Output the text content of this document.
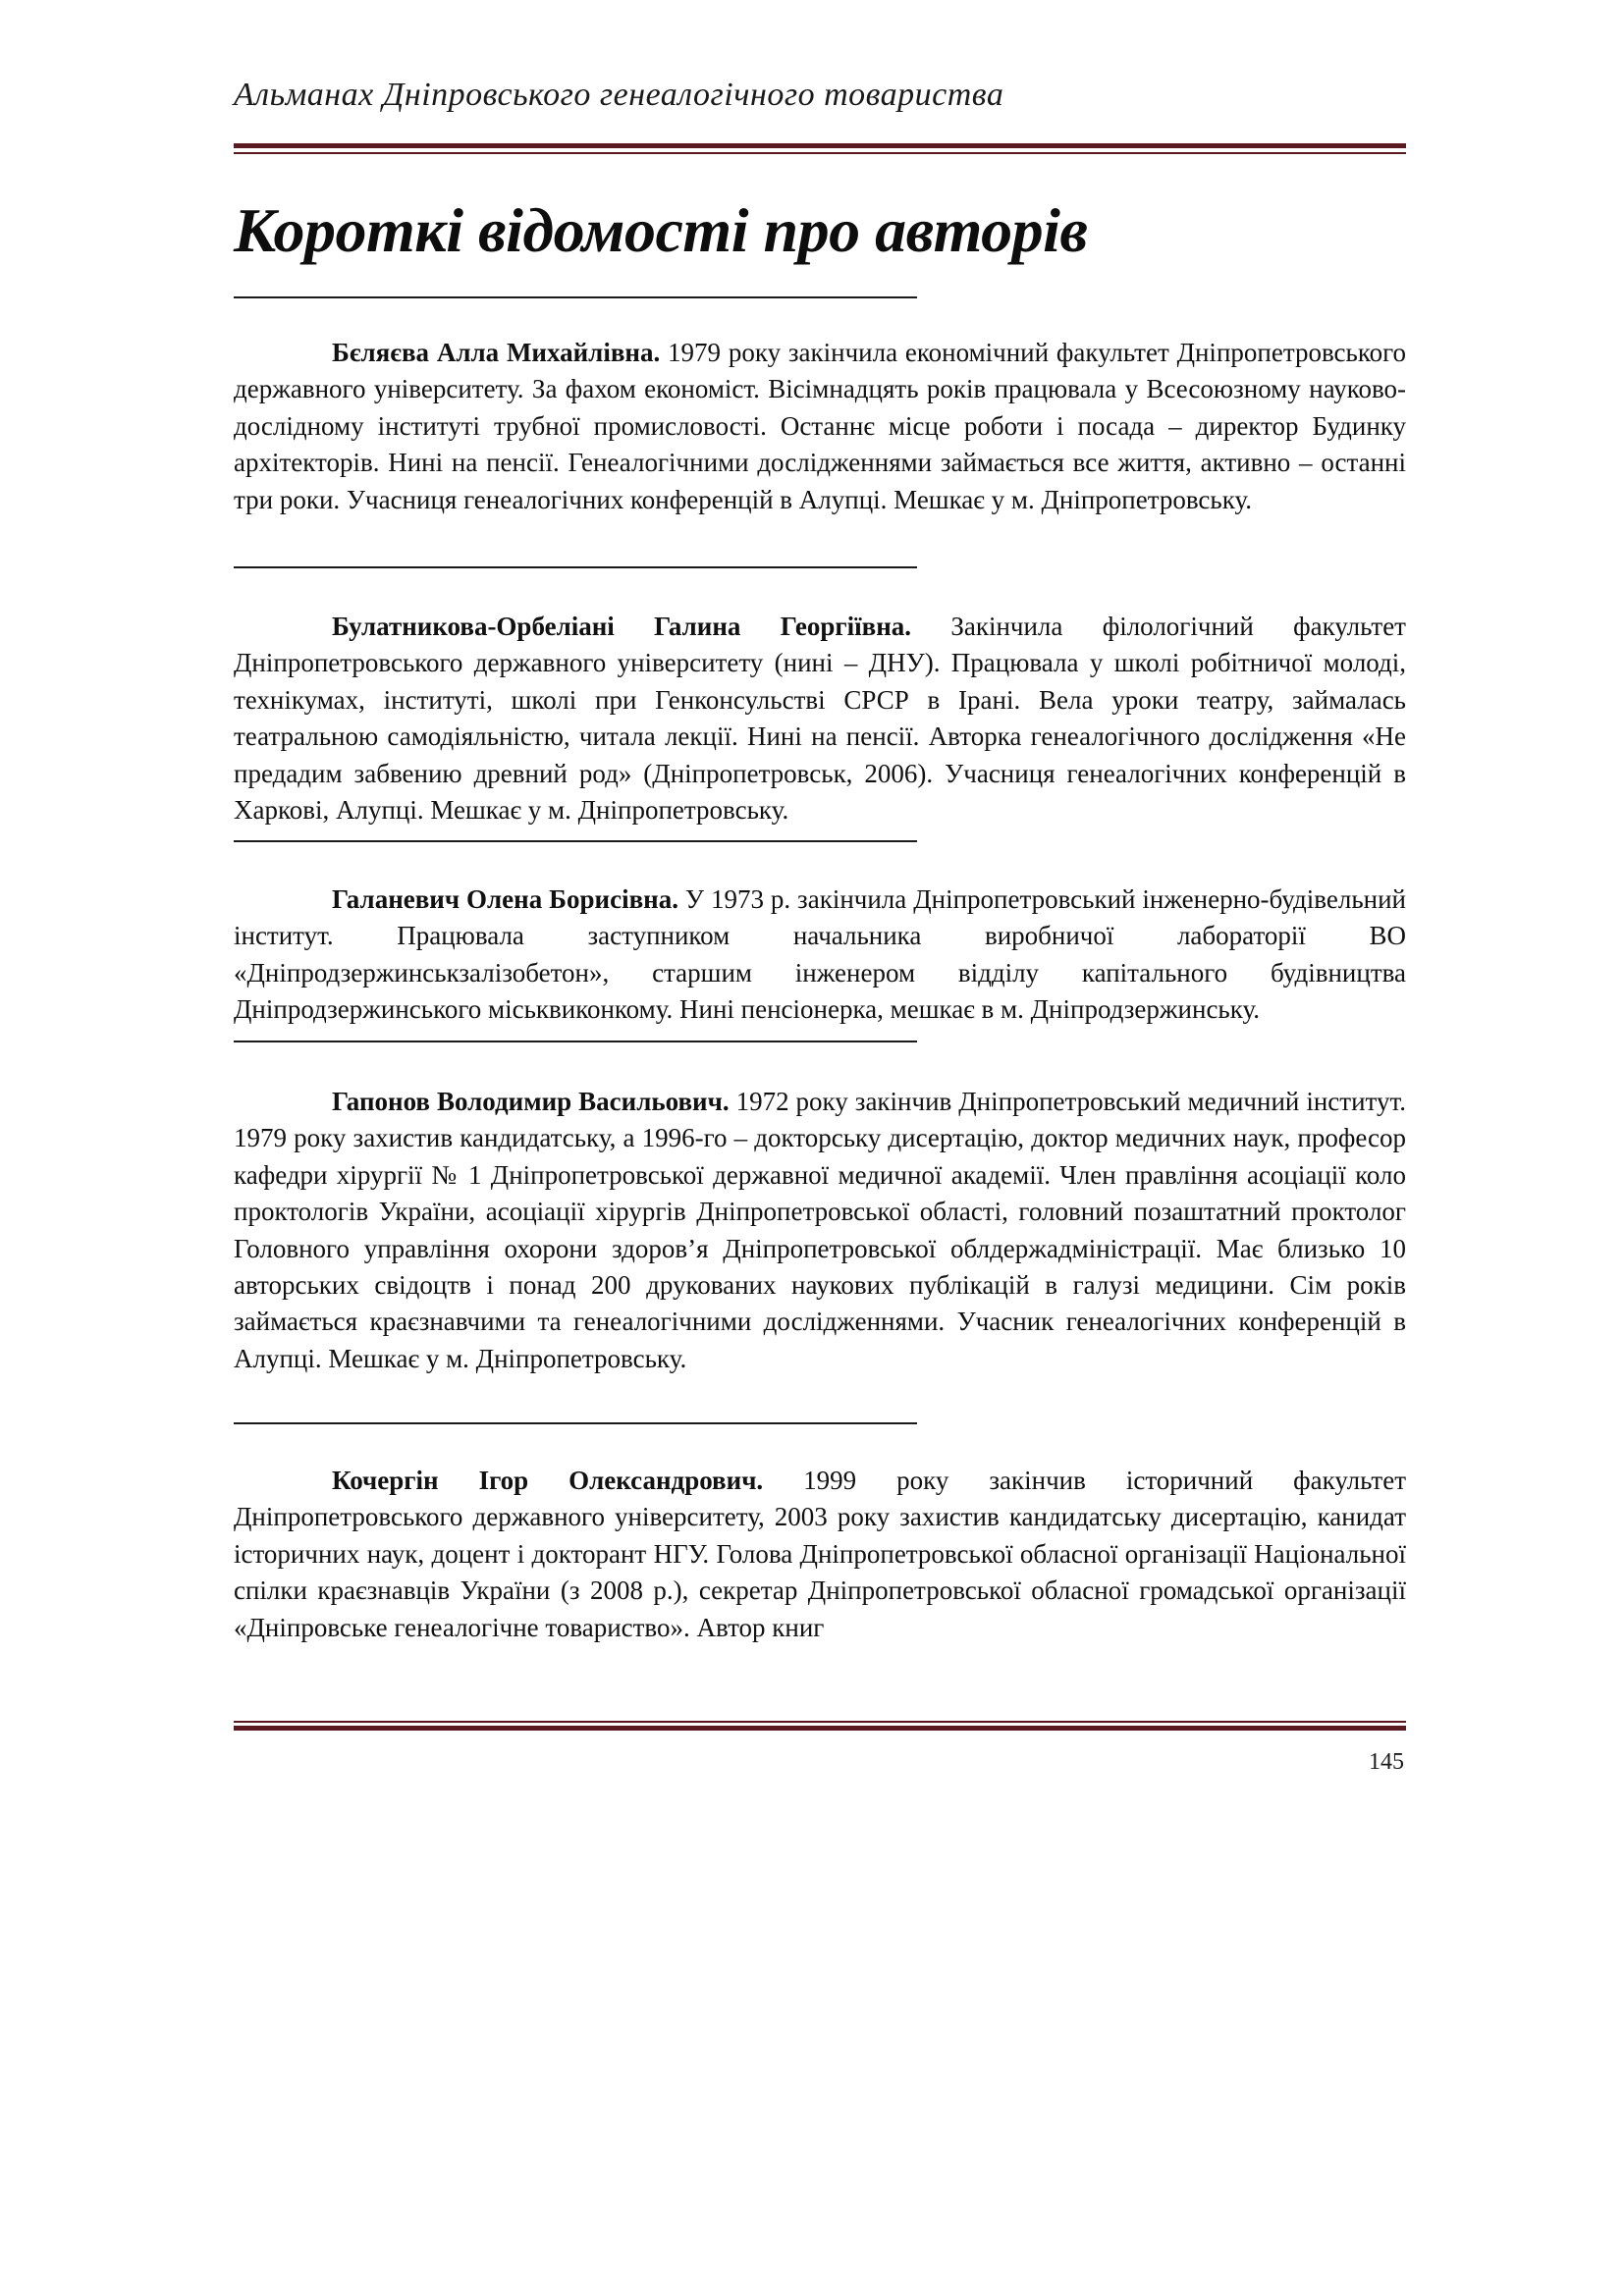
Альманах Дніпровського генеалогічного товариства
Короткі відомості про авторів

Бєляєва Алла Михайлівна. 1979 року закінчила економічний факультет Дніпропетровського державного університету. За фахом економіст. Вісімнадцять років працювала у Всесоюзному науково-дослідному інституті трубної промисловості. Останнє місце роботи і посада – директор Будинку архітекторів. Нині на пенсії. Генеалогічними дослідженнями займається все життя, активно – останні три роки. Учасниця генеалогічних конференцій в Алупці. Мешкає у м. Дніпропетровську.

Булатникова-Орбеліані Галина Георгіївна. Закінчила філологічний факультет Дніпропетровського державного університету (нині – ДНУ). Працювала у школі робітничої молоді, технікумах, інституті, школі при Генконсульстві СРСР в Ірані. Вела уроки театру, займалась театральною самодіяльністю, читала лекції. Нині на пенсії. Авторка генеалогічного дослідження «Не предадим забвению древний род» (Дніпропетровськ, 2006). Учасниця генеалогічних конференцій в Харкові, Алупці. Мешкає у м. Дніпропетровську.

Галаневич Олена Борисівна. У 1973 р. закінчила Дніпропетровський інженерно-будівельний інститут. Працювала заступником начальника виробничої лабораторії ВО «Дніпродзержинськзалізобетон», старшим інженером відділу капітального будівництва Дніпродзержинського міськвиконкому. Нині пенсіонерка, мешкає в м. Дніпродзержинську.

Гапонов Володимир Васильович. 1972 року закінчив Дніпропетровський медичний інститут. 1979 року захистив кандидатську, а 1996-го – докторську дисертацію, доктор медичних наук, професор кафедри хірургії № 1 Дніпропетровської державної медичної академії. Член правління асоціації коло проктологів України, асоціації хірургів Дніпропетровської області, головний позаштатний проктолог Головного управління охорони здоров’я Дніпропетровської облдержадміністрації. Має близько 10 авторських свідоцтв і понад 200 друкованих наукових публікацій в галузі медицини. Сім років займається краєзнавчими та генеалогічними дослідженнями. Учасник генеалогічних конференцій в Алупці. Мешкає у м. Дніпропетровську.

Кочергін Ігор Олександрович. 1999 року закінчив історичний факультет Дніпропетровського державного університету, 2003 року захистив кандидатську дисертацію, канидат історичних наук, доцент і докторант НГУ. Голова Дніпропетровської обласної організації Національної спілки краєзнавців України (з 2008 р.), секретар Дніпропетровської обласної громадської організації «Дніпровське генеалогічне товариство». Автор книг

145
